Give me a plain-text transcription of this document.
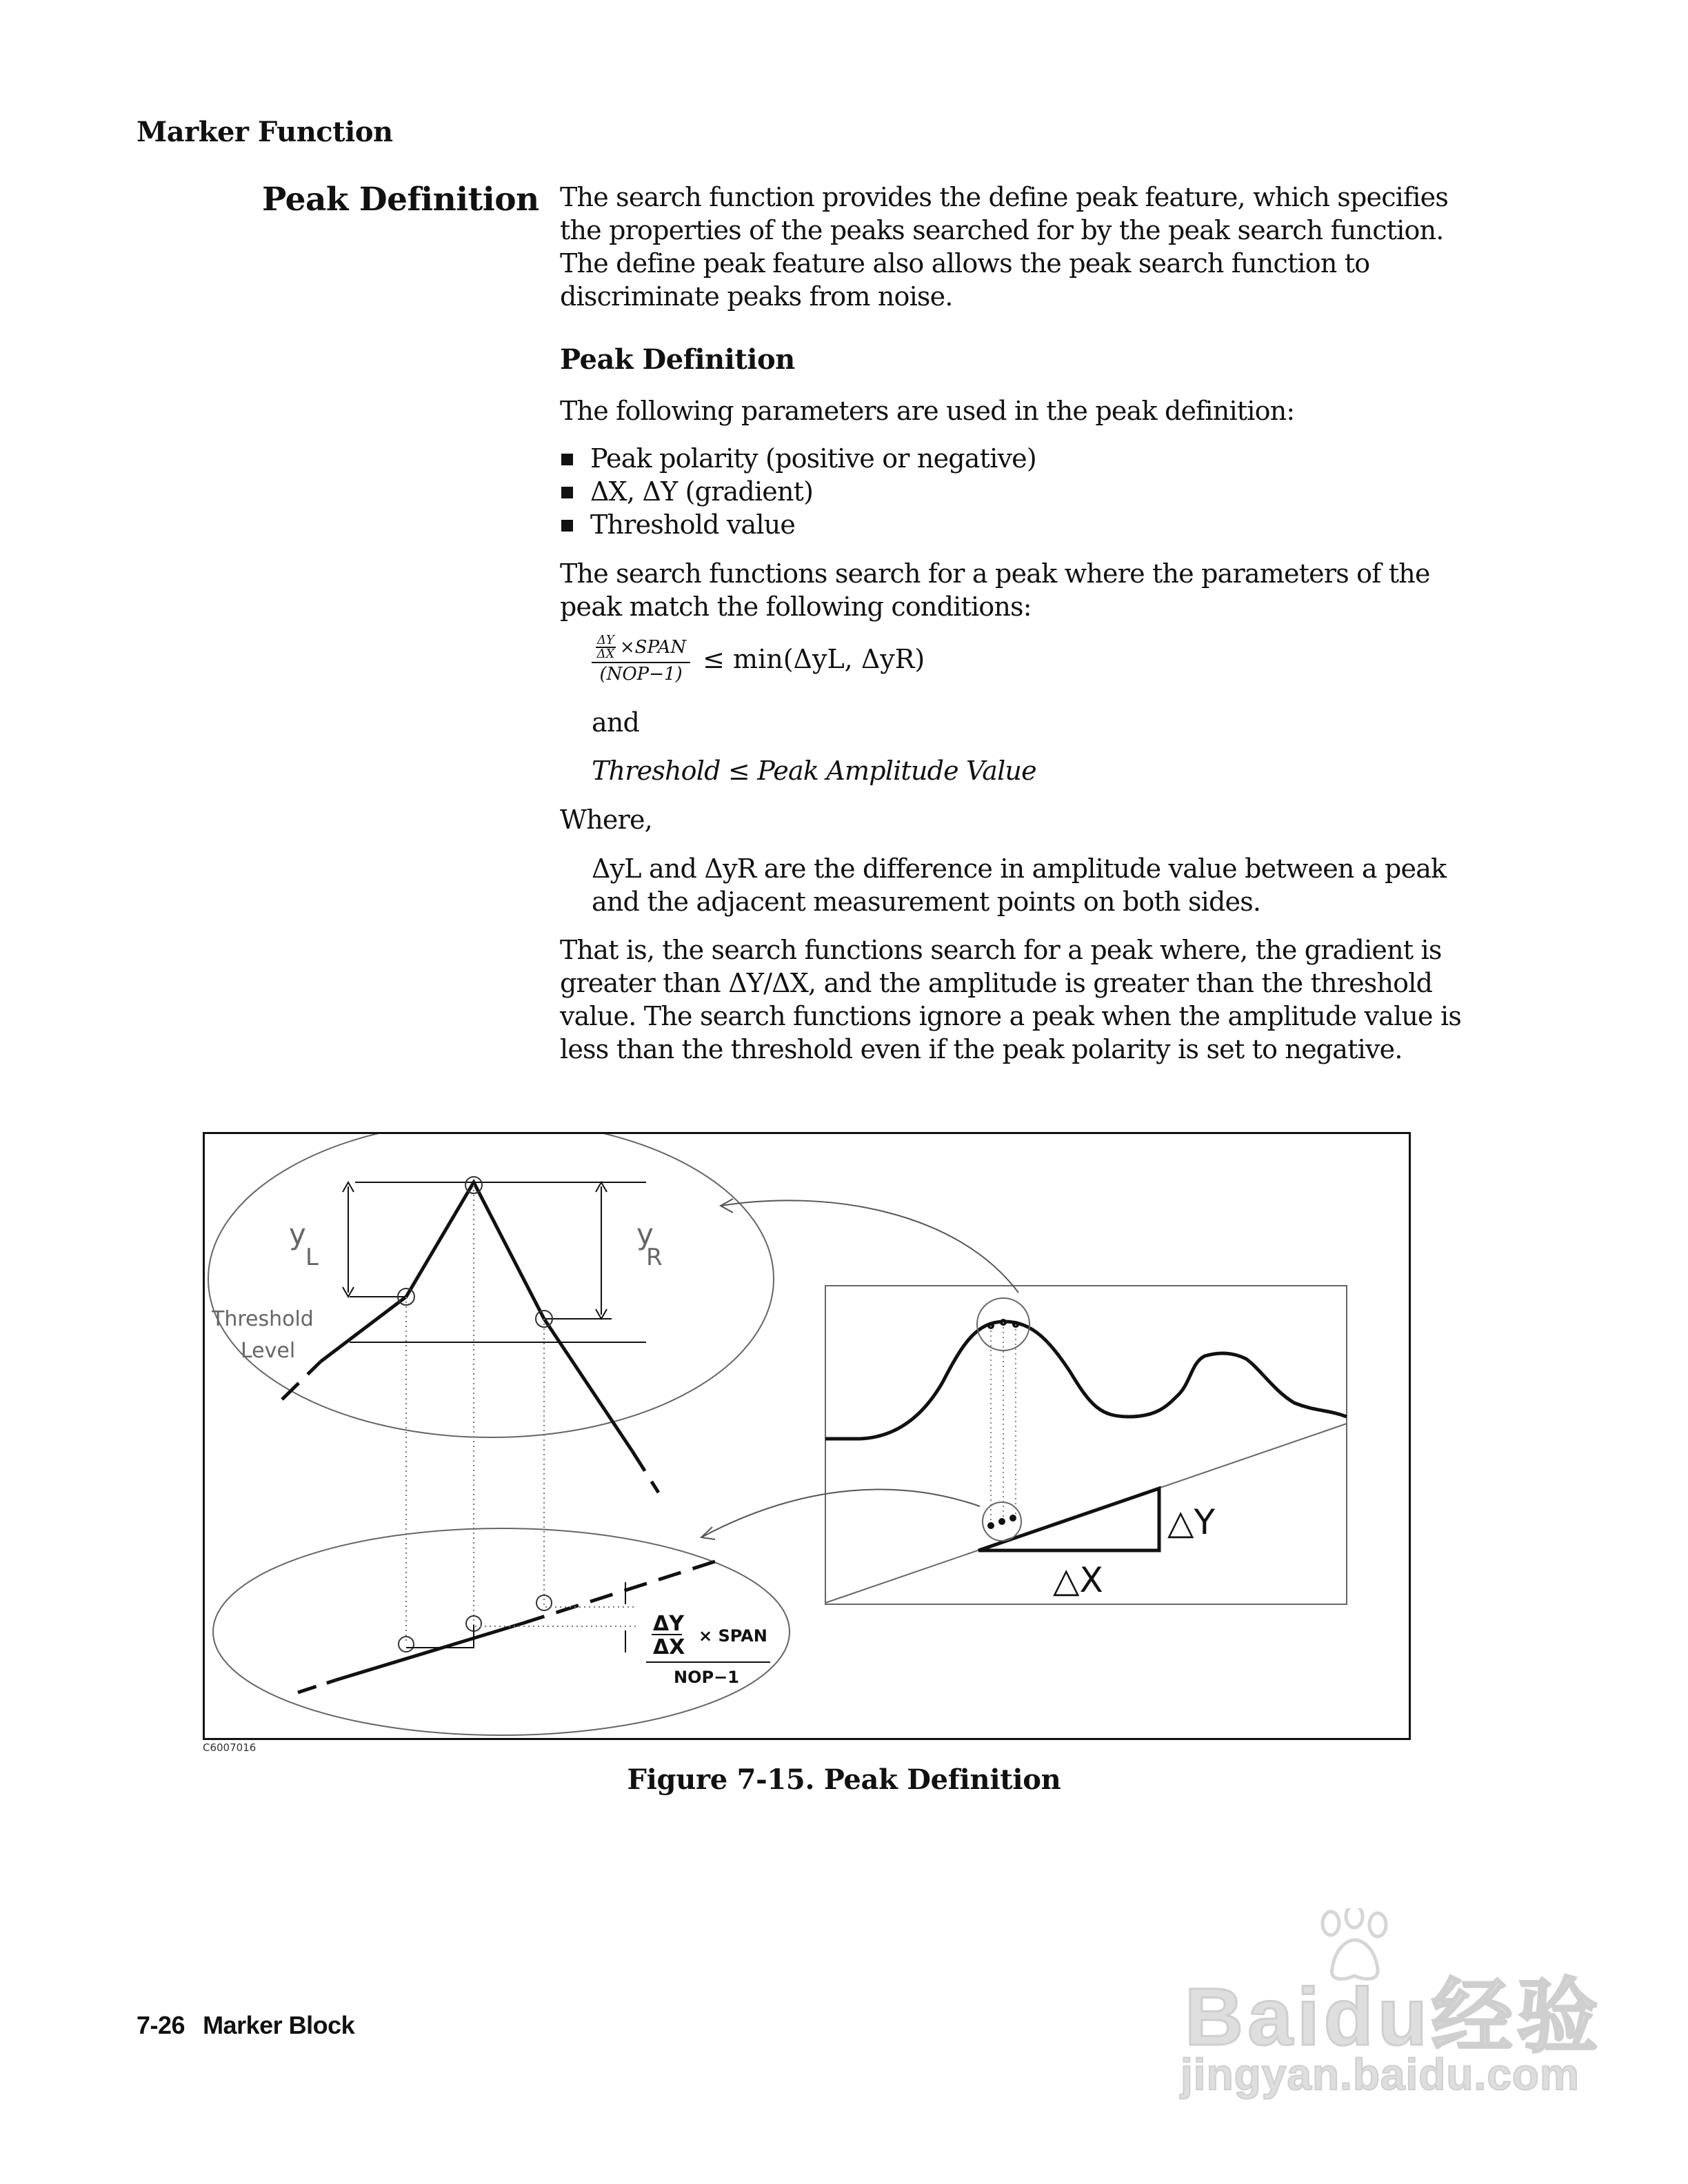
Marker Function
Peak Definition The search function provides the define peak feature, which specifies the properties of the peaks searched for by the peak search function. The define peak feature also allows the peak search function to discriminate peaks from noise.
Peak Definition
The following parameters are used in the peak definition:
Peak polarity (positive or negative)
ΔX, ΔY (gradient)
Threshold value
The search functions search for a peak where the parameters of the peak match the following conditions:
$\frac{\frac{\Delta Y}{\Delta X} \times SPAN}{\text{(NOP−1)}} \le \min(\Delta yL$, ΔyR)
and
Threshold ≤ Peak Amplitude Value
Where,
ΔyL and ΔyR are the difference in amplitude value between a peak and the adjacent measurement points on both sides.
That is, the search functions search for a peak where, the gradient is greater than ΔY/ΔX, and the amplitude is greater than the threshold value. The search functions ignore a peak when the amplitude value is less than the threshold even if the peak polarity is set to negative.
y
L
y
R
Threshold
Level
ΔY
ΔX × SPAN
NOP−1
△Y
△X
C6007016
Figure 7-15. Peak Definition
7-26 Marker Block	Baidu经验
jingyan.baidu.com
